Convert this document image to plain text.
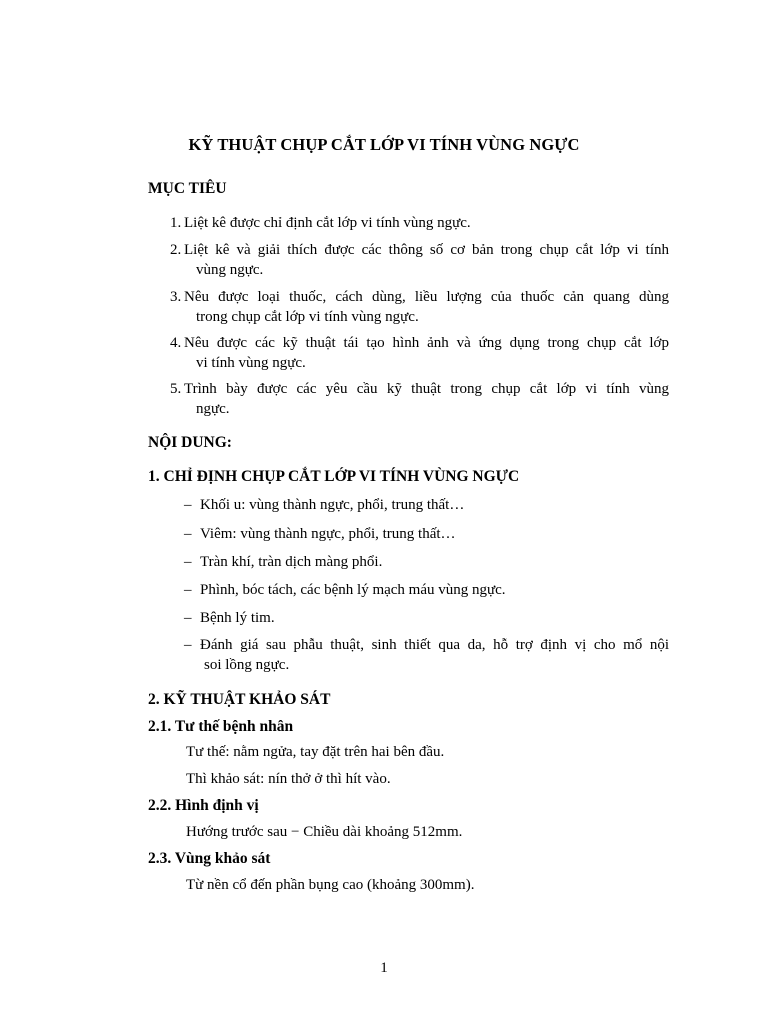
KỸ THUẬT CHỤP CẮT LỚP VI TÍNH VÙNG NGỰC
MỤC TIÊU
1. Liệt kê được chỉ định cắt lớp vi tính vùng ngực.
2. Liệt kê và giải thích được các thông số cơ bản trong chụp cắt lớp vi tính
vùng ngực.
3. Nêu được loại thuốc, cách dùng, liều lượng của thuốc cản quang dùng
trong chụp cắt lớp vi tính vùng ngực.
4. Nêu được các kỹ thuật tái tạo hình ảnh và ứng dụng trong chụp cắt lớp
vi tính vùng ngực.
5. Trình bày được các yêu cầu kỹ thuật trong chụp cắt lớp vi tính vùng
ngực.
NỘI DUNG:
1. CHỈ ĐỊNH CHỤP CẮT LỚP VI TÍNH VÙNG NGỰC
– Khối u: vùng thành ngực, phổi, trung thất…
– Viêm: vùng thành ngực, phổi, trung thất…
– Tràn khí, tràn dịch màng phổi.
– Phình, bóc tách, các bệnh lý mạch máu vùng ngực.
– Bệnh lý tim.
– Đánh giá sau phẫu thuật, sinh thiết qua da, hỗ trợ định vị cho mổ nội
soi lồng ngực.
2. KỸ THUẬT KHẢO SÁT
2.1. Tư thế bệnh nhân
Tư thế: nằm ngửa, tay đặt trên hai bên đầu.
Thì khảo sát: nín thở ở thì hít vào.
2.2. Hình định vị
Hướng trước sau − Chiều dài khoảng 512mm.
2.3. Vùng khảo sát
Từ nền cổ đến phần bụng cao (khoảng 300mm).
1
